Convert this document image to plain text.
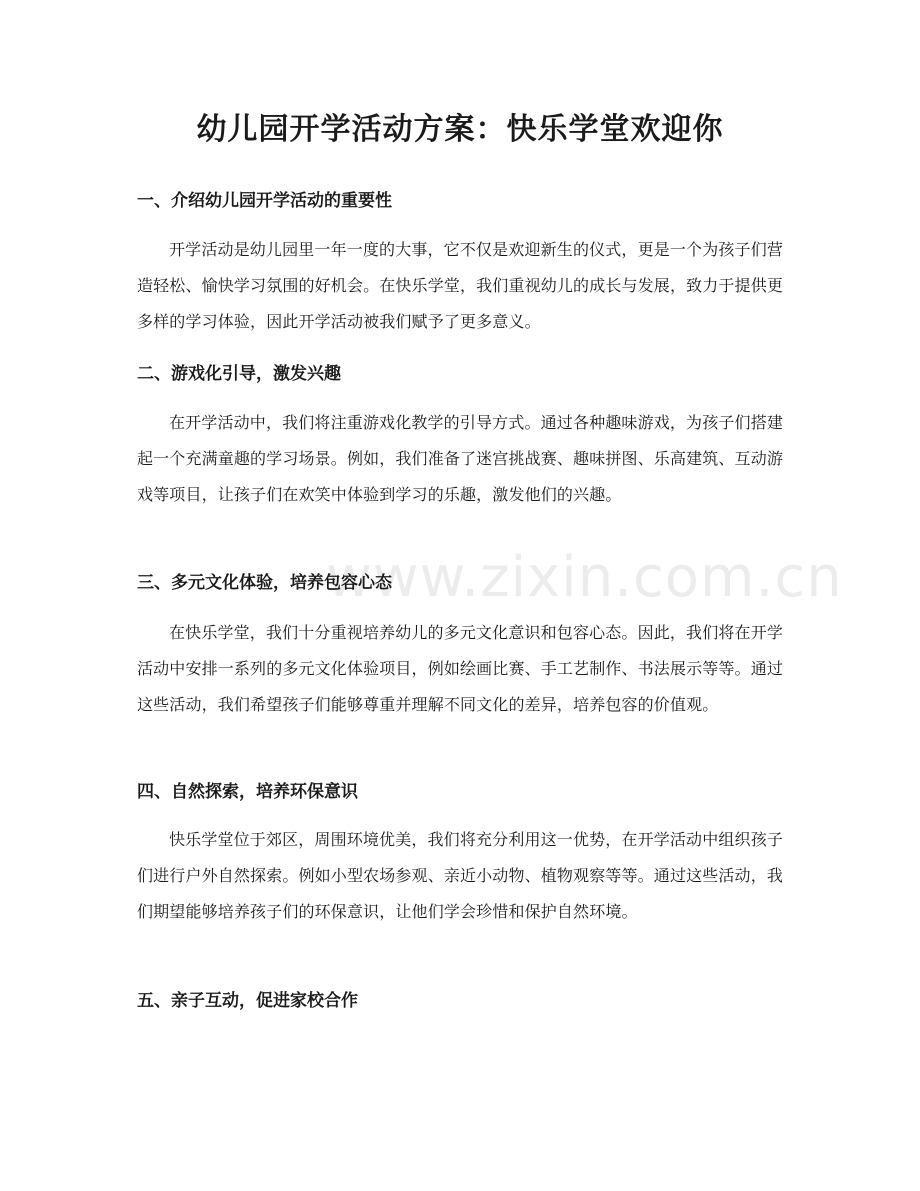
www.zixin.com.cn
幼儿园开学活动方案：快乐学堂欢迎你
一、介绍幼儿园开学活动的重要性

开学活动是幼儿园里一年一度的大事，它不仅是欢迎新生的仪式，更是一个为孩子们营造轻松、愉快学习氛围的好机会。在快乐学堂，我们重视幼儿的成长与发展，致力于提供更多样的学习体验，因此开学活动被我们赋予了更多意义。

二、游戏化引导，激发兴趣

在开学活动中，我们将注重游戏化教学的引导方式。通过各种趣味游戏，为孩子们搭建起一个充满童趣的学习场景。例如，我们准备了迷宫挑战赛、趣味拼图、乐高建筑、互动游戏等项目，让孩子们在欢笑中体验到学习的乐趣，激发他们的兴趣。

三、多元文化体验，培养包容心态

在快乐学堂，我们十分重视培养幼儿的多元文化意识和包容心态。因此，我们将在开学活动中安排一系列的多元文化体验项目，例如绘画比赛、手工艺制作、书法展示等等。通过这些活动，我们希望孩子们能够尊重并理解不同文化的差异，培养包容的价值观。

四、自然探索，培养环保意识

快乐学堂位于郊区，周围环境优美，我们将充分利用这一优势，在开学活动中组织孩子们进行户外自然探索。例如小型农场参观、亲近小动物、植物观察等等。通过这些活动，我们期望能够培养孩子们的环保意识，让他们学会珍惜和保护自然环境。

五、亲子互动，促进家校合作
